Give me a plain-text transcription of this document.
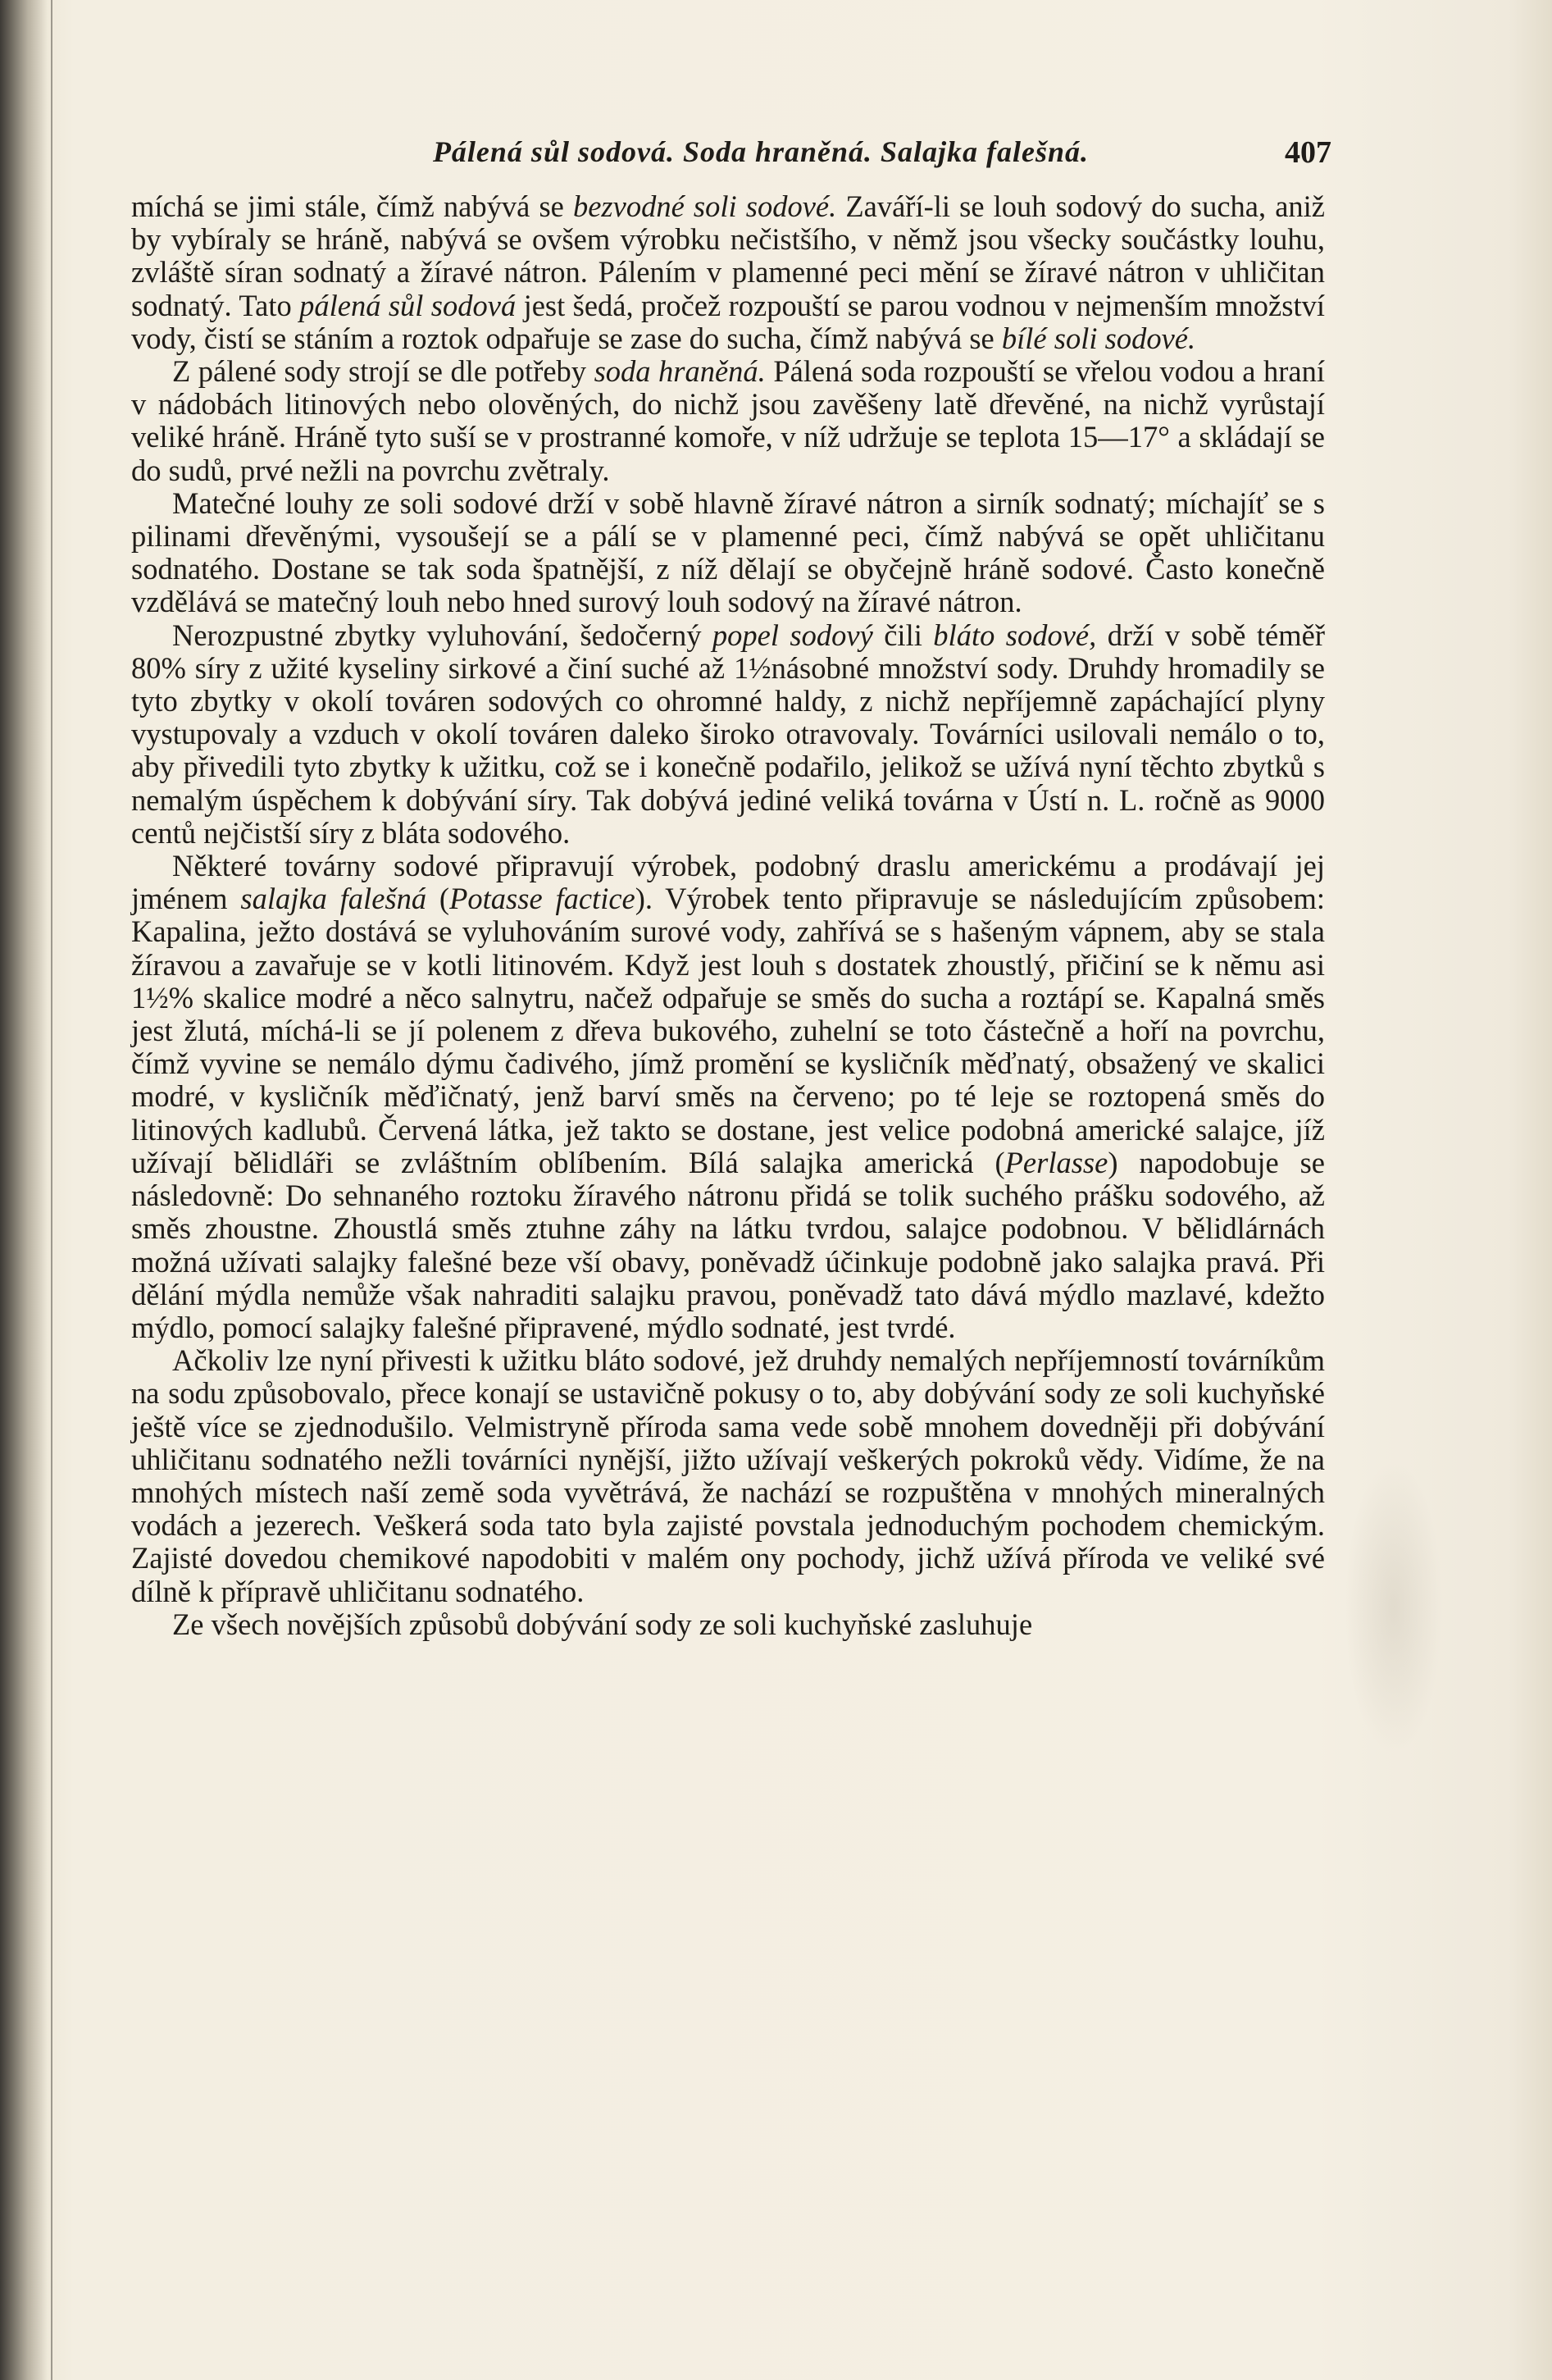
Pálená sůl sodová. Soda hraněná. Salajka falešná.	407

míchá se jimi stále, čímž nabývá se bezvodné soli sodové. Zaváří-li se louh sodový do sucha, aniž by vybíraly se hráně, nabývá se ovšem výrobku nečistšího, v němž jsou všecky součástky louhu, zvláště síran sodnatý a žíravé nátron. Pálením v plamenné peci mění se žíravé nátron v uhličitan sodnatý. Tato pálená sůl sodová jest šedá, pročež rozpouští se parou vodnou v nejmenším množství vody, čistí se stáním a roztok odpařuje se zase do sucha, čímž nabývá se bílé soli sodové.

Z pálené sody strojí se dle potřeby soda hraněná. Pálená soda rozpouští se vřelou vodou a hraní v nádobách litinových nebo olověných, do nichž jsou zavěšeny latě dřevěné, na nichž vyrůstají veliké hráně. Hráně tyto suší se v prostranné komoře, v níž udržuje se teplota 15—17° a skládají se do sudů, prvé nežli na povrchu zvětraly.

Matečné louhy ze soli sodové drží v sobě hlavně žíravé nátron a sirník sodnatý; míchajíť se s pilinami dřevěnými, vysoušejí se a pálí se v plamenné peci, čímž nabývá se opět uhličitanu sodnatého. Dostane se tak soda špatnější, z níž dělají se obyčejně hráně sodové. Často konečně vzdělává se matečný louh nebo hned surový louh sodový na žíravé nátron.

Nerozpustné zbytky vyluhování, šedočerný popel sodový čili bláto sodové, drží v sobě téměř 80% síry z užité kyseliny sirkové a činí suché až 1½násobné množství sody. Druhdy hromadily se tyto zbytky v okolí továren sodových co ohromné haldy, z nichž nepříjemně zapáchající plyny vystupovaly a vzduch v okolí továren daleko široko otravovaly. Továrníci usilovali nemálo o to, aby přivedili tyto zbytky k užitku, což se i konečně podařilo, jelikož se užívá nyní těchto zbytků s nemalým úspěchem k dobývání síry. Tak dobývá jediné veliká továrna v Ústí n. L. ročně as 9000 centů nejčistší síry z bláta sodového.

Některé továrny sodové připravují výrobek, podobný draslu americkému a prodávají jej jménem salajka falešná (Potasse factice). Výrobek tento připravuje se následujícím způsobem: Kapalina, ježto dostává se vyluhováním surové vody, zahřívá se s hašeným vápnem, aby se stala žíravou a zavařuje se v kotli litinovém. Když jest louh s dostatek zhoustlý, přičiní se k němu asi 1½% skalice modré a něco salnytru, načež odpařuje se směs do sucha a roztápí se. Kapalná směs jest žlutá, míchá-li se jí polenem z dřeva bukového, zuhelní se toto částečně a hoří na povrchu, čímž vyvine se nemálo dýmu čadivého, jímž promění se kysličník měďnatý, obsažený ve skalici modré, v kysličník měďičnatý, jenž barví směs na červeno; po té leje se roztopená směs do litinových kadlubů. Červená látka, jež takto se dostane, jest velice podobná americké salajce, jíž užívají bělidláři se zvláštním oblíbením. Bílá salajka americká (Perlasse) napodobuje se následovně: Do sehnaného roztoku žíravého nátronu přidá se tolik suchého prášku sodového, až směs zhoustne. Zhoustlá směs ztuhne záhy na látku tvrdou, salajce podobnou. V bělidlárnách možná užívati salajky falešné beze vší obavy, poněvadž účinkuje podobně jako salajka pravá. Při dělání mýdla nemůže však nahraditi salajku pravou, poněvadž tato dává mýdlo mazlavé, kdežto mýdlo, pomocí salajky falešné připravené, mýdlo sodnaté, jest tvrdé.

Ačkoliv lze nyní přivesti k užitku bláto sodové, jež druhdy nemalých nepříjemností továrníkům na sodu způsobovalo, přece konají se ustavičně pokusy o to, aby dobývání sody ze soli kuchyňské ještě více se zjednodušilo. Velmistryně příroda sama vede sobě mnohem dovedněji při dobývání uhličitanu sodnatého nežli továrníci nynější, jižto užívají veškerých pokroků vědy. Vidíme, že na mnohých místech naší země soda vyvětrává, že nachází se rozpuštěna v mnohých mineralných vodách a jezerech. Veškerá soda tato byla zajisté povstala jednoduchým pochodem chemickým. Zajisté dovedou chemikové napodobiti v malém ony pochody, jichž užívá příroda ve veliké své dílně k přípravě uhličitanu sodnatého.

Ze všech novějších způsobů dobývání sody ze soli kuchyňské zasluhuje
